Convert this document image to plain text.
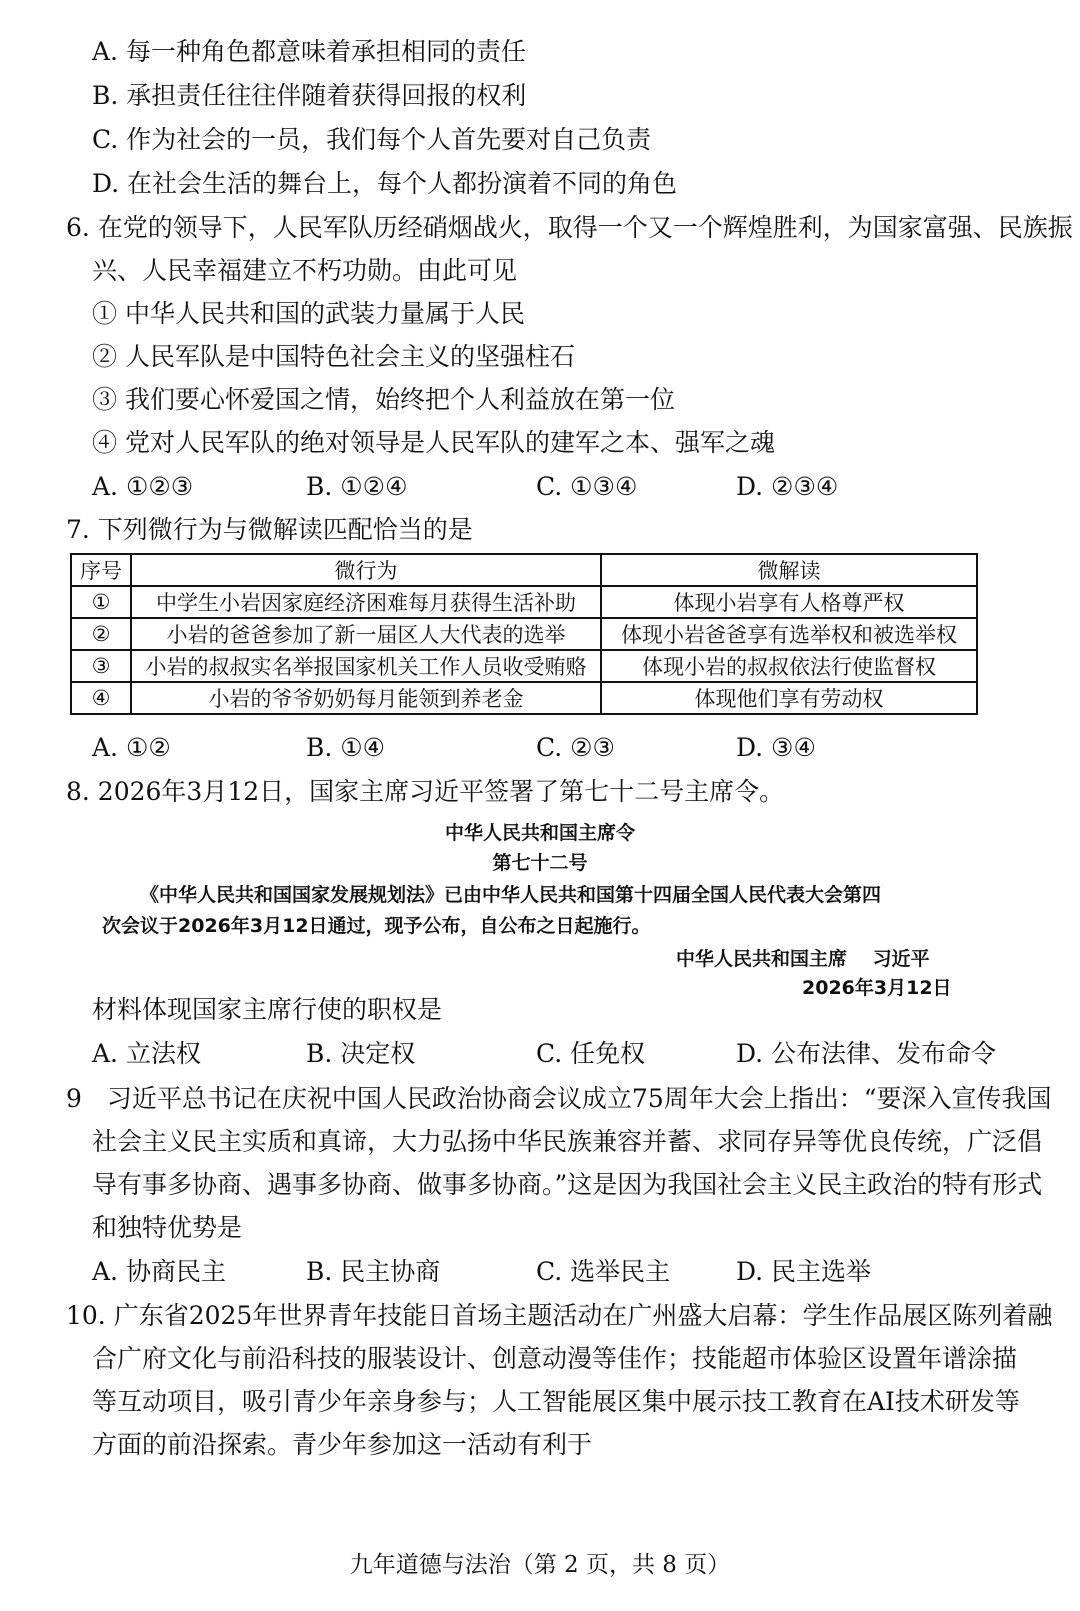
A. 每一种角色都意味着承担相同的责任
B. 承担责任往往伴随着获得回报的权利
C. 作为社会的一员，我们每个人首先要对自己负责
D. 在社会生活的舞台上，每个人都扮演着不同的角色
6. 在党的领导下，人民军队历经硝烟战火，取得一个又一个辉煌胜利，为国家富强、民族振
兴、人民幸福建立不朽功勋。由此可见
① 中华人民共和国的武装力量属于人民
② 人民军队是中国特色社会主义的坚强柱石
③ 我们要心怀爱国之情，始终把个人利益放在第一位
④ 党对人民军队的绝对领导是人民军队的建军之本、强军之魂
A. ①②③	B. ①②④	C. ①③④	D. ②③④
7. 下列微行为与微解读匹配恰当的是
序号	微行为	微解读
①	中学生小岩因家庭经济困难每月获得生活补助	体现小岩享有人格尊严权
②	小岩的爸爸参加了新一届区人大代表的选举	体现小岩爸爸享有选举权和被选举权
③	小岩的叔叔实名举报国家机关工作人员收受贿赂	体现小岩的叔叔依法行使监督权
④	小岩的爷爷奶奶每月能领到养老金	体现他们享有劳动权
A. ①②	B. ①④	C. ②③	D. ③④
8. 2026年3月12日，国家主席习近平签署了第七十二号主席令。
中华人民共和国主席令
第七十二号
《中华人民共和国国家发展规划法》已由中华人民共和国第十四届全国人民代表大会第四
次会议于2026年3月12日通过，现予公布，自公布之日起施行。
中华人民共和国主席　 习近平
2026年3月12日
材料体现国家主席行使的职权是
A. 立法权	B. 决定权	C. 任免权	D. 公布法律、发布命令
9　习近平总书记在庆祝中国人民政治协商会议成立75周年大会上指出：“要深入宣传我国
社会主义民主实质和真谛，大力弘扬中华民族兼容并蓄、求同存异等优良传统，广泛倡
导有事多协商、遇事多协商、做事多协商。”这是因为我国社会主义民主政治的特有形式
和独特优势是
A. 协商民主	B. 民主协商	C. 选举民主	D. 民主选举
10. 广东省2025年世界青年技能日首场主题活动在广州盛大启幕：学生作品展区陈列着融
合广府文化与前沿科技的服装设计、创意动漫等佳作；技能超市体验区设置年谱涂描
等互动项目，吸引青少年亲身参与；人工智能展区集中展示技工教育在AI技术研发等
方面的前沿探索。青少年参加这一活动有利于
九年道德与法治（第 2 页，共 8 页）
